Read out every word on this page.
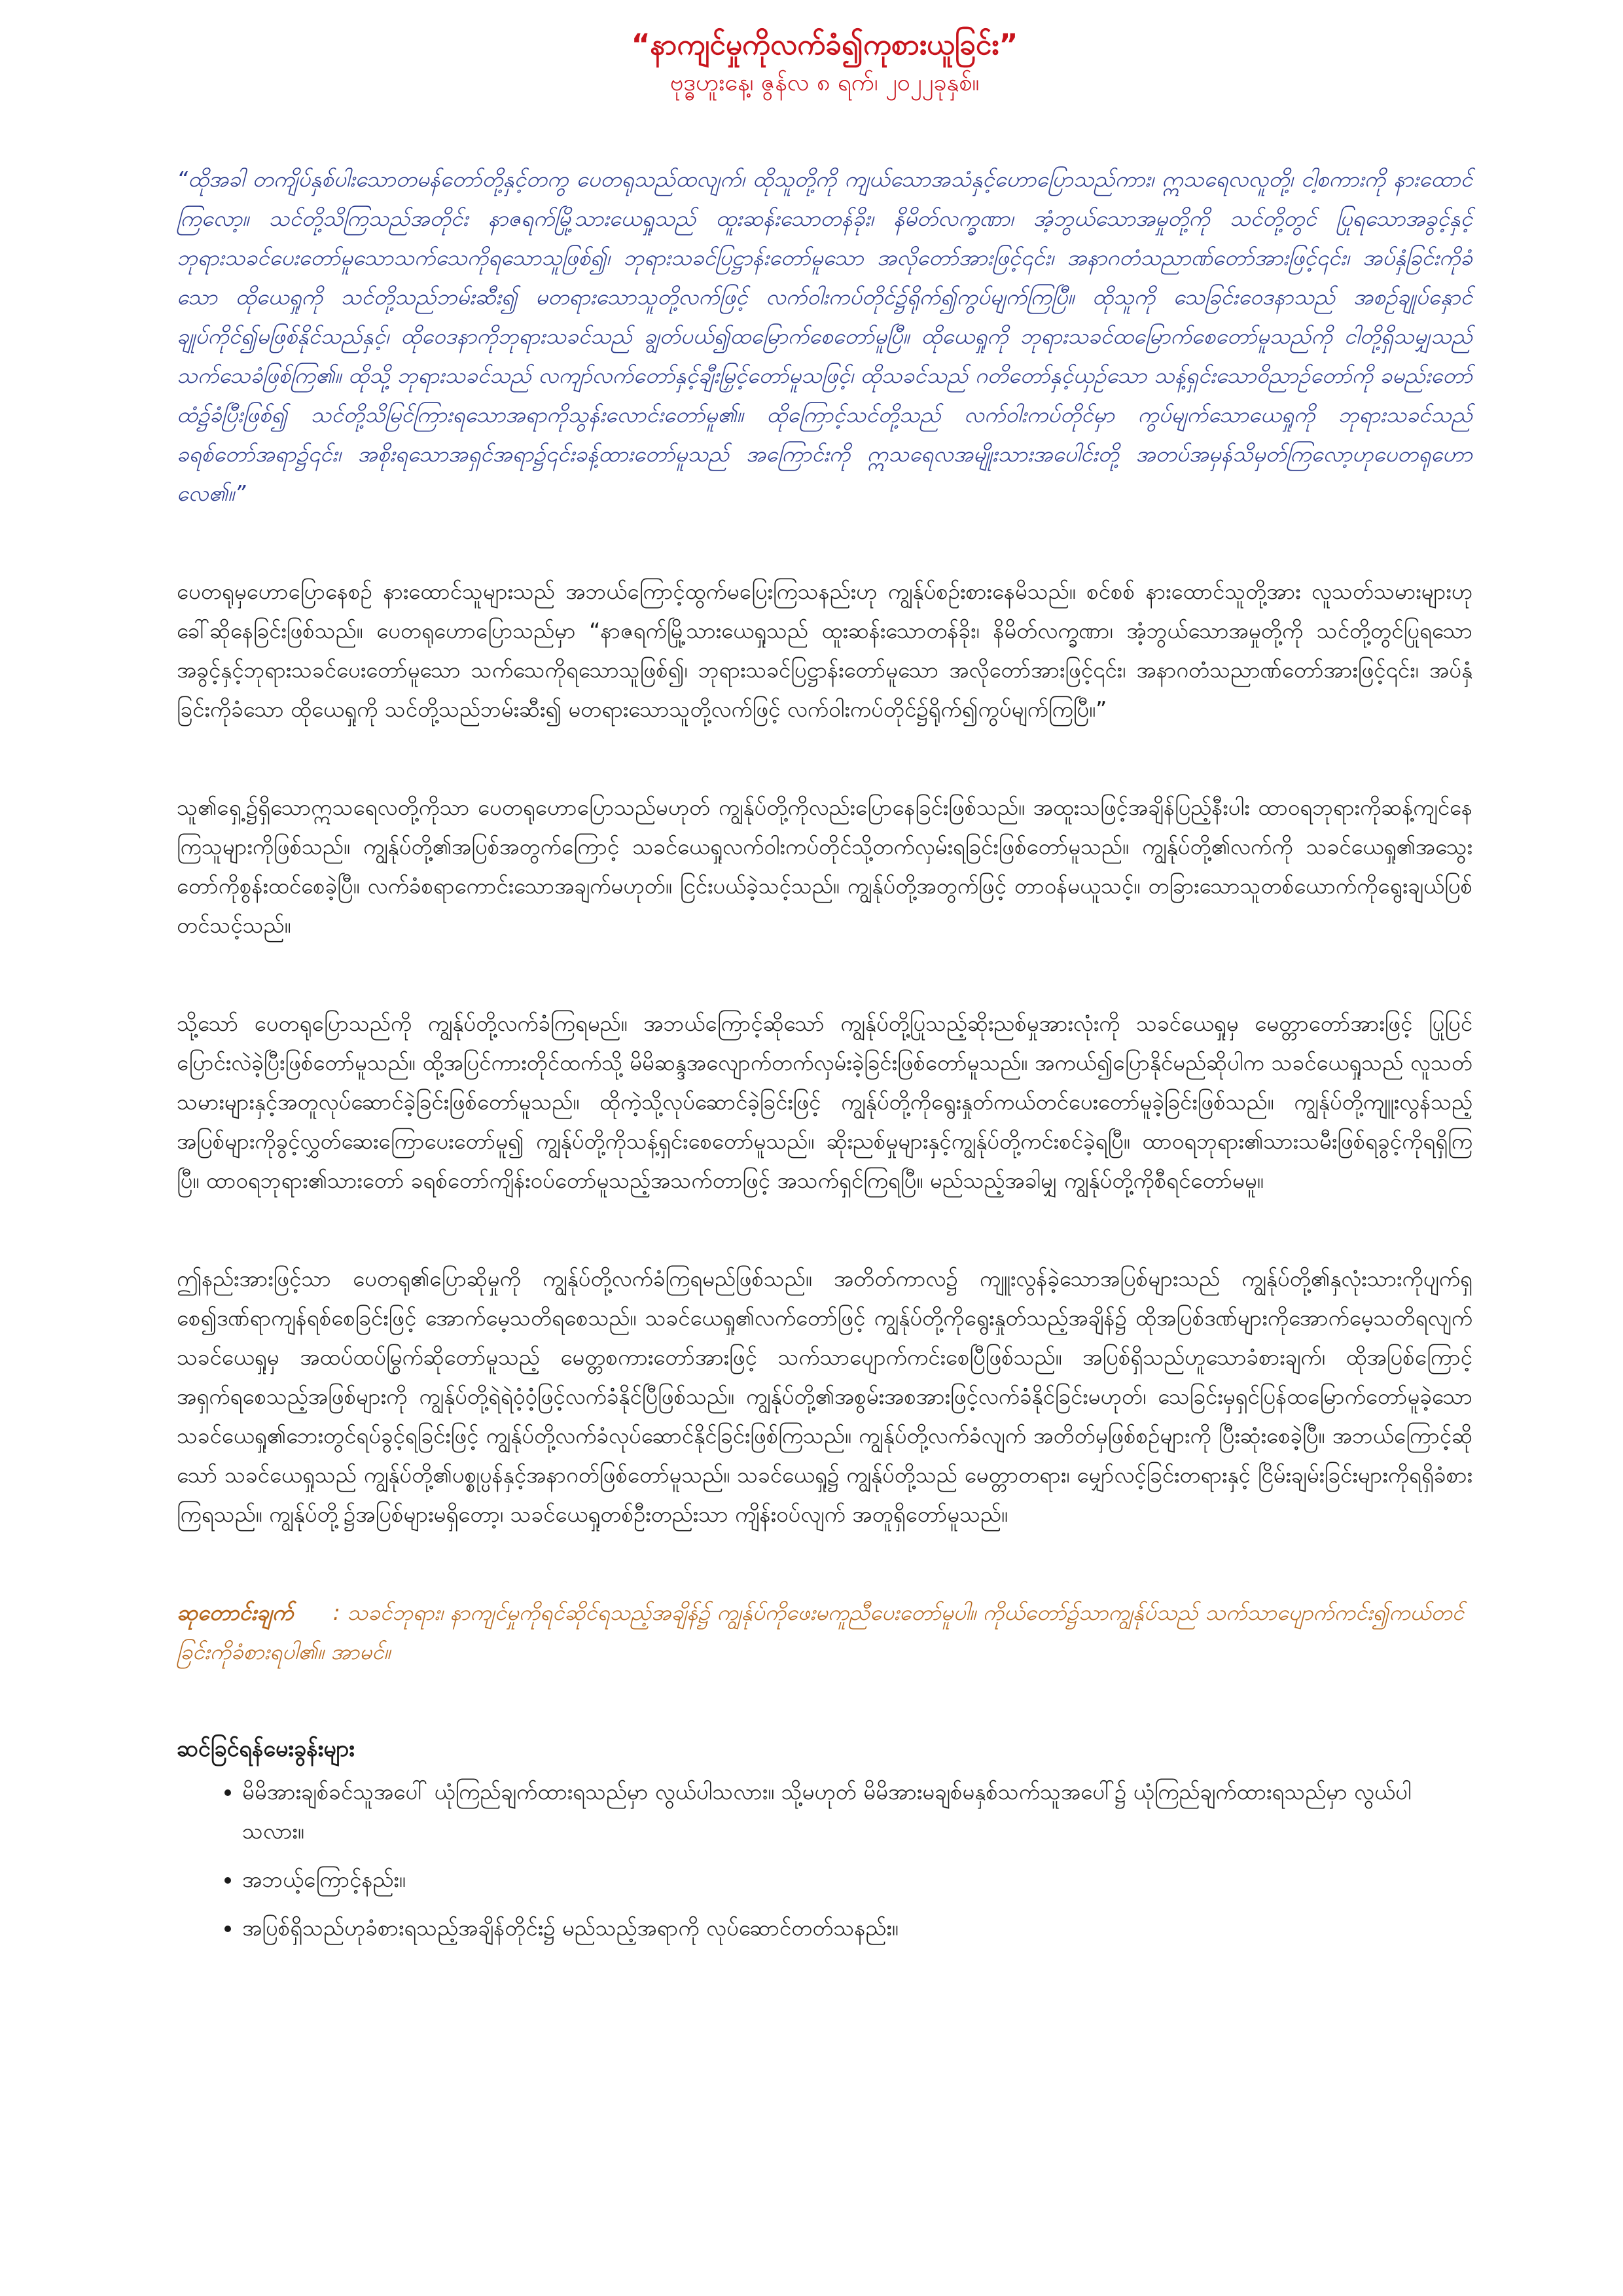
“နာကျင်မှုကိုလက်ခံ၍ကုစားယူခြင်း”

ဗုဒ္ဓဟူးနေ့၊ ဇွန်လ ၈ ရက်၊ ၂၀၂၂ခုနှစ်။

“ထိုအခါ တကျိပ်နှစ်ပါးသောတမန်တော်တို့နှင့်တကွ ပေတရုသည်ထလျက်၊ ထိုသူတို့ကို ကျယ်သောအသံနှင့်ဟောပြောသည်ကား၊ ဣသရေလလူတို့၊ ငါ့စကားကို နားထောင်ကြလော့။ သင်တို့သိကြသည်အတိုင်း နာဇရက်မြို့သားယေရှုသည် ထူးဆန်းသောတန်ခိုး၊ နိမိတ်လက္ခဏာ၊ အံ့ဘွယ်သောအမှုတို့ကို သင်တို့တွင် ပြုရသောအခွင့်နှင့် ဘုရားသခင်ပေးတော်မူသောသက်သေကိုရသောသူဖြစ်၍၊ ဘုရားသခင်ပြဋ္ဌာန်းတော်မူသော အလိုတော်အားဖြင့်၎င်း၊ အနာဂတံသညာဏ်တော်အားဖြင့်၎င်း၊ အပ်နှံခြင်းကိုခံသော ထိုယေရှုကို သင်တို့သည်ဘမ်းဆီး၍ မတရားသောသူတို့လက်ဖြင့် လက်ဝါးကပ်တိုင်၌ရိုက်၍ကွပ်မျက်ကြပြီ။ ထိုသူကို သေခြင်းဝေဒနာသည် အစဉ်ချုပ်နှောင်ချုပ်ကိုင်၍မဖြစ်နိုင်သည်နှင့်၊ ထိုဝေဒနာကိုဘုရားသခင်သည် ချွတ်ပယ်၍ထမြောက်စေတော်မူပြီ။ ထိုယေရှုကို ဘုရားသခင်ထမြောက်စေတော်မူသည်ကို ငါတို့ရှိသမျှသည် သက်သေခံဖြစ်ကြ၏။ ထိုသို့ ဘုရားသခင်သည် လကျာ်လက်တော်နှင့်ချီးမြှင့်တော်မူသဖြင့်၊ ထိုသခင်သည် ဂတိတော်နှင့်ယှဉ်သော သန့်ရှင်းသောဝိညာဉ်တော်ကို ခမည်းတော်ထံ၌ခံပြီးဖြစ်၍ သင်တို့သိမြင်ကြားရသောအရာကိုသွန်းလောင်းတော်မူ၏။ ထိုကြောင့်သင်တို့သည် လက်ဝါးကပ်တိုင်မှာ ကွပ်မျက်သောယေရှုကို ဘုရားသခင်သည် ခရစ်တော်အရာ၌၎င်း၊ အစိုးရသောအရှင်အရာ၌၎င်းခန့်ထားတော်မူသည် အကြောင်းကို ဣသရေလအမျိုးသားအပေါင်းတို့ အတပ်အမှန်သိမှတ်ကြလော့ဟုပေတရုဟောလေ၏။”

ပေတရုမှဟောပြောနေစဉ် နားထောင်သူများသည် အဘယ်ကြောင့်ထွက်မပြေးကြသနည်းဟု ကျွန်ုပ်စဉ်းစားနေမိသည်။ စင်စစ် နားထောင်သူတို့အား လူသတ်သမားများဟုခေါ်ဆိုနေခြင်းဖြစ်သည်။ ပေတရုဟောပြောသည်မှာ “နာဇရက်မြို့သားယေရှုသည် ထူးဆန်းသောတန်ခိုး၊ နိမိတ်လက္ခဏာ၊ အံ့ဘွယ်သောအမှုတို့ကို သင်တို့တွင်ပြုရသော အခွင့်နှင့်ဘုရားသခင်ပေးတော်မူသော သက်သေကိုရသောသူဖြစ်၍၊ ဘုရားသခင်ပြဋ္ဌာန်းတော်မူသော အလိုတော်အားဖြင့်၎င်း၊ အနာဂတံသညာဏ်တော်အားဖြင့်၎င်း၊ အပ်နှံခြင်းကိုခံသော ထိုယေရှုကို သင်တို့သည်ဘမ်းဆီး၍ မတရားသောသူတို့လက်ဖြင့် လက်ဝါးကပ်တိုင်၌ရိုက်၍ကွပ်မျက်ကြပြီ။”

သူ၏ရှေ့၌ရှိသောဣသရေလတို့ကိုသာ ပေတရုဟောပြောသည်မဟုတ် ကျွန်ုပ်တို့ကိုလည်းပြောနေခြင်းဖြစ်သည်။ အထူးသဖြင့်အချိန်ပြည့်နီးပါး ထာဝရဘုရားကိုဆန့်ကျင်နေကြသူများကိုဖြစ်သည်။ ကျွန်ုပ်တို့၏အပြစ်အတွက်ကြောင့် သခင်ယေရှုလက်ဝါးကပ်တိုင်သို့တက်လှမ်းရခြင်းဖြစ်တော်မူသည်။ ကျွန်ုပ်တို့၏လက်ကို သခင်ယေရှု၏အသွေးတော်ကိုစွန်းထင်စေခဲ့ပြီ။ လက်ခံစရာကောင်းသောအချက်မဟုတ်။ ငြင်းပယ်ခဲ့သင့်သည်။ ကျွန်ုပ်တို့အတွက်ဖြင့် တာဝန်မယူသင့်။ တခြားသောသူတစ်ယောက်ကိုရွေးချယ်ပြစ်တင်သင့်သည်။

သို့သော် ပေတရုပြောသည်ကို ကျွန်ုပ်တို့လက်ခံကြရမည်။ အဘယ်ကြောင့်ဆိုသော် ကျွန်ုပ်တို့ပြုသည့်ဆိုးညစ်မှုအားလုံးကို သခင်ယေရှုမှ မေတ္တာတော်အားဖြင့် ပြုပြင်ပြောင်းလဲခဲ့ပြီးဖြစ်တော်မူသည်။ ထို့အပြင်ကားတိုင်ထက်သို့ မိမိဆန္ဒအလျောက်တက်လှမ်းခဲ့ခြင်းဖြစ်တော်မူသည်။ အကယ်၍ပြောနိုင်မည်ဆိုပါက သခင်ယေရှုသည် လူသတ်သမားများနှင့်အတူလုပ်ဆောင်ခဲ့ခြင်းဖြစ်တော်မူသည်။ ထိုကဲ့သို့လုပ်ဆောင်ခဲ့ခြင်းဖြင့် ကျွန်ုပ်တို့ကိုရွေးနှုတ်ကယ်တင်ပေးတော်မူခဲ့ခြင်းဖြစ်သည်။ ကျွန်ုပ်တို့ကျူးလွန်သည့်အပြစ်များကိုခွင့်လွှတ်ဆေးကြောပေးတော်မူ၍ ကျွန်ုပ်တို့ကိုသန့်ရှင်းစေတော်မူသည်။ ဆိုးညစ်မှုများနှင့်ကျွန်ုပ်တို့ကင်းစင်ခဲ့ရပြီ။ ထာဝရဘုရား၏သားသမီးဖြစ်ရခွင့်ကိုရရှိကြပြီ။ ထာဝရဘုရား၏သားတော် ခရစ်တော်ကျိန်းဝပ်တော်မူသည့်အသက်တာဖြင့် အသက်ရှင်ကြရပြီ။ မည်သည့်အခါမျှ ကျွန်ုပ်တို့ကိုစီရင်တော်မမူ။

ဤနည်းအားဖြင့်သာ ပေတရု၏ပြောဆိုမှုကို ကျွန်ုပ်တို့လက်ခံကြရမည်ဖြစ်သည်။ အတိတ်ကာလ၌ ကျူးလွန်ခဲ့သောအပြစ်များသည် ကျွန်ုပ်တို့၏နှလုံးသားကိုပျက်ရှစေ၍ဒဏ်ရာကျန်ရစ်စေခြင်းဖြင့် အောက်မေ့သတိရစေသည်။ သခင်ယေရှု၏လက်တော်ဖြင့် ကျွန်ုပ်တို့ကိုရွေးနှုတ်သည့်အချိန်၌ ထိုအပြစ်ဒဏ်များကိုအောက်မေ့သတိရလျက် သခင်ယေရှုမှ အထပ်ထပ်မြွက်ဆိုတော်မူသည့် မေတ္တစကားတော်အားဖြင့် သက်သာပျောက်ကင်းစေပြီဖြစ်သည်။ အပြစ်ရှိသည်ဟူသောခံစားချက်၊ ထိုအပြစ်ကြောင့် အရှက်ရစေသည့်အဖြစ်များကို ကျွန်ုပ်တို့ရဲရဲဝံ့ဝံ့ဖြင့်လက်ခံနိုင်ပြီဖြစ်သည်။ ကျွန်ုပ်တို့၏အစွမ်းအစအားဖြင့်လက်ခံနိုင်ခြင်းမဟုတ်၊ သေခြင်းမှရှင်ပြန်ထမြောက်တော်မူခဲ့သော သခင်ယေရှု၏ဘေးတွင်ရပ်ခွင့်ရခြင်းဖြင့် ကျွန်ုပ်တို့လက်ခံလုပ်ဆောင်နိုင်ခြင်းဖြစ်ကြသည်။ ကျွန်ုပ်တို့လက်ခံလျက် အတိတ်မှဖြစ်စဉ်များကို ပြီးဆုံးစေခဲ့ပြီ။ အဘယ်ကြောင့်ဆိုသော် သခင်ယေရှုသည် ကျွန်ုပ်တို့၏ပစ္စုပ္ပန်နှင့်အနာဂတ်ဖြစ်တော်မူသည်။ သခင်ယေရှု၌ ကျွန်ုပ်တို့သည် မေတ္တာတရား၊ မျှော်လင့်ခြင်းတရားနှင့် ငြိမ်းချမ်းခြင်းများကိုရရှိခံစားကြရသည်။ ကျွန်ုပ်တို့၌အပြစ်များမရှိတော့၊ သခင်ယေရှုတစ်ဦးတည်းသာ ကျိန်းဝပ်လျက် အတူရှိတော်မူသည်။

ဆုတောင်းချက် : သခင်ဘုရား၊ နာကျင်မှုကိုရင်ဆိုင်ရသည့်အချိန်၌ ကျွန်ုပ်ကိုဖေးမကူညီပေးတော်မူပါ။ ကိုယ်တော်၌သာကျွန်ုပ်သည် သက်သာပျောက်ကင်း၍ကယ်တင်ခြင်းကိုခံစားရပါ၏။ အာမင်။

ဆင်ခြင်ရန်မေးခွန်းများ

• မိမိအားချစ်ခင်သူအပေါ် ယုံကြည်ချက်ထားရသည်မှာ လွယ်ပါသလား။ သို့မဟုတ် မိမိအားမချစ်မနှစ်သက်သူအပေါ်၌ ယုံကြည်ချက်ထားရသည်မှာ လွယ်ပါသလား။
• အဘယ့်ကြောင့်နည်း။
• အပြစ်ရှိသည်ဟုခံစားရသည့်အချိန်တိုင်း၌ မည်သည့်အရာကို လုပ်ဆောင်တတ်သနည်း။
